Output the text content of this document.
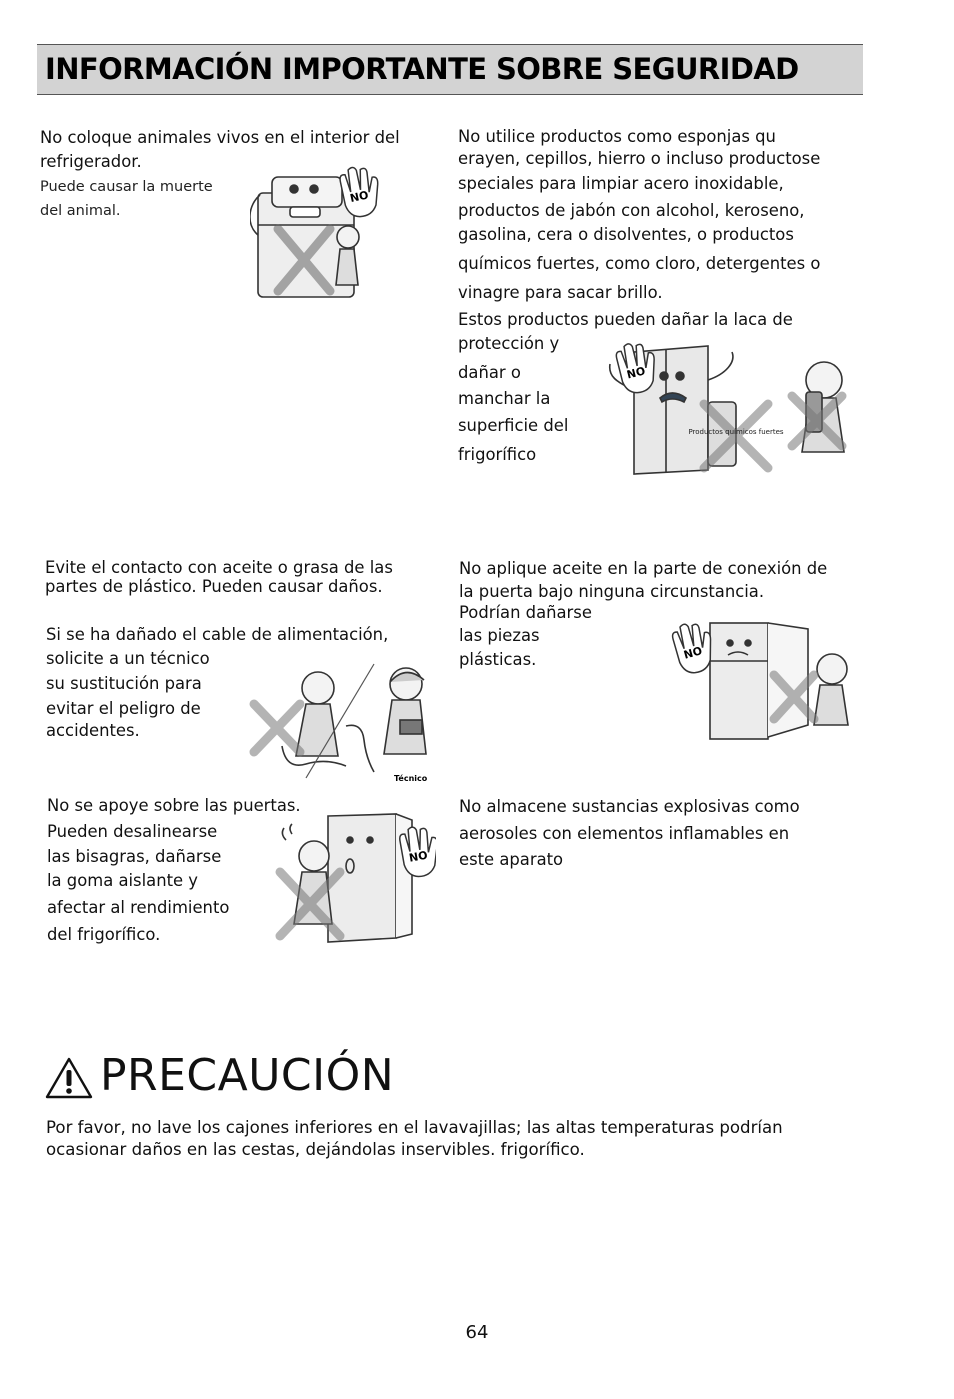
INFORMACIÓN IMPORTANTE SOBRE SEGURIDAD

No coloque animales vivos en el interior del

refrigerador.

Puede causar la muerte

del animal.

NO

No utilice productos como esponjas qu

erayen, cepillos, hierro o incluso productose

speciales para limpiar acero inoxidable,

productos de jabón con alcohol, keroseno,

gasolina, cera o disolventes, o productos

químicos fuertes, como cloro, detergentes o

vinagre para sacar brillo.

Estos productos pueden dañar la laca de

protección y

dañar o

manchar la

superficie del

frigorífico

NO
Productos químicos fuertes

Evite el contacto con aceite o grasa de las

partes de plástico. Pueden causar daños.

Si se ha dañado el cable de alimentación,

solicite a un técnico

su sustitución para

evitar el peligro de

accidentes.

Técnico

No aplique aceite en la parte de conexión de

la puerta bajo ninguna circunstancia.

Podrían dañarse

las piezas

plásticas.	NO

No se apoye sobre las puertas.

Pueden desalinearse

las bisagras, dañarse

la goma aislante y

afectar al rendimiento

del frigorífico.

NO

No almacene sustancias explosivas como

aerosoles con elementos inflamables en

este aparato

PRECAUCIÓN

Por favor, no lave los cajones inferiores en el lavavajillas; las altas temperaturas podrían

ocasionar daños en las cestas, dejándolas inservibles. frigorífico.

64
